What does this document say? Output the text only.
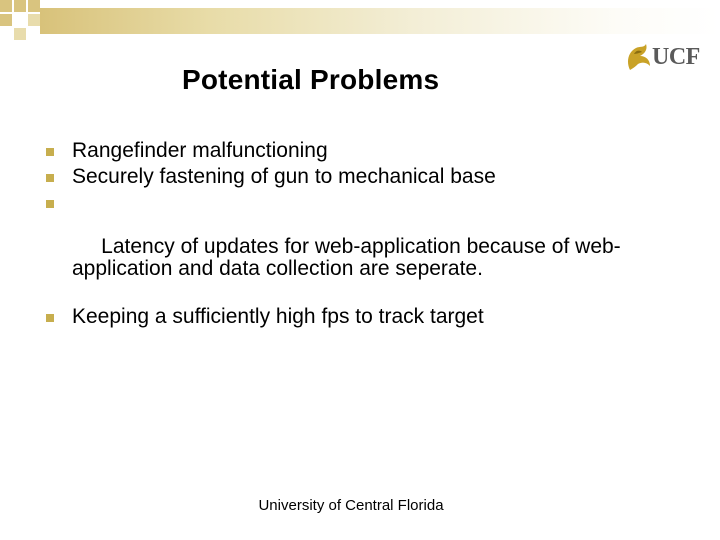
Potential Problems
UCF
Rangefinder malfunctioning
Securely fastening of gun to mechanical base

Latency of updates for web-application because of web-application and data collection are seperate.

Keeping a sufficiently high fps to track target
University of Central Florida
